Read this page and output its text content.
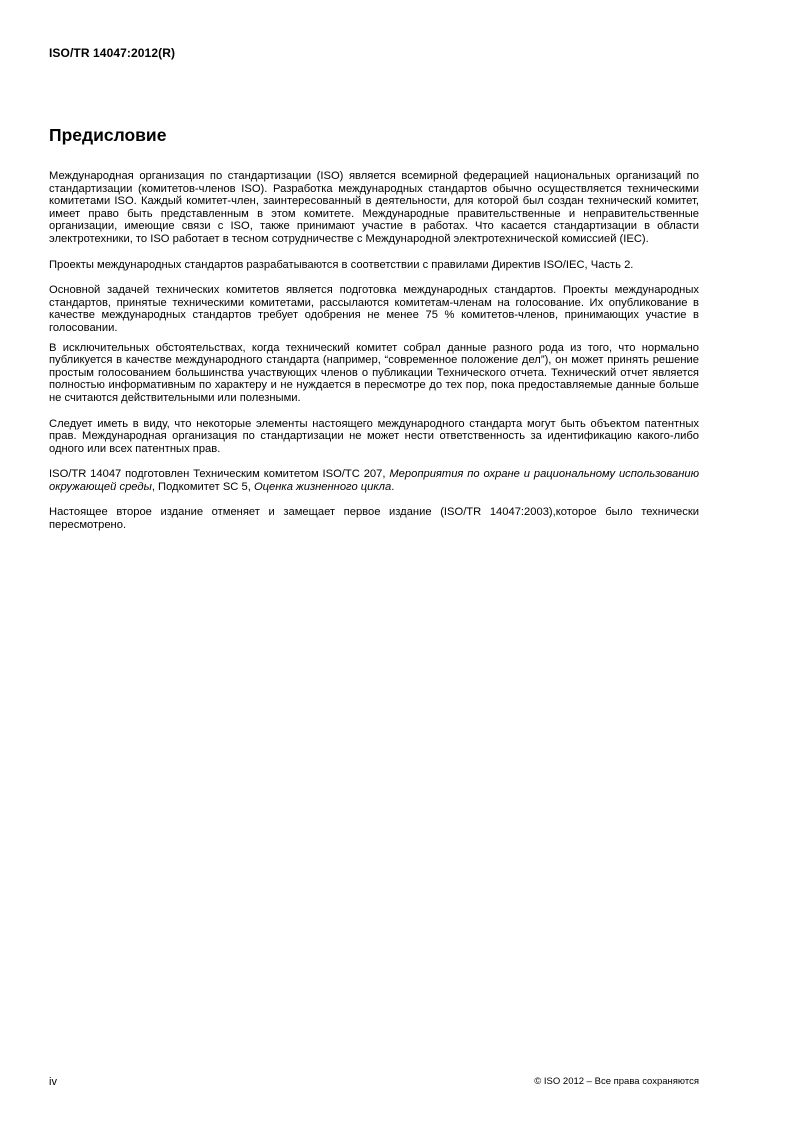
ISO/TR 14047:2012(R)
Предисловие

Международная организация по стандартизации (ISO) является всемирной федерацией национальных организаций по стандартизации (комитетов-членов ISO). Разработка международных стандартов обычно осуществляется техническими комитетами ISO. Каждый комитет-член, заинтересованный в деятельности, для которой был создан технический комитет, имеет право быть представленным в этом комитете. Международные правительственные и неправительственные организации, имеющие связи с ISO, также принимают участие в работах. Что касается стандартизации в области электротехники, то ISO работает в тесном сотрудничестве с Международной электротехнической комиссией (IEC).

Проекты международных стандартов разрабатываются в соответствии с правилами Директив ISO/IEC, Часть 2.

Основной задачей технических комитетов является подготовка международных стандартов. Проекты международных стандартов, принятые техническими комитетами, рассылаются комитетам-членам на голосование. Их опубликование в качестве международных стандартов требует одобрения не менее 75 % комитетов-членов, принимающих участие в голосовании.

В исключительных обстоятельствах, когда технический комитет собрал данные разного рода из того, что нормально публикуется в качестве международного стандарта (например, “современное положение дел”), он может принять решение простым голосованием большинства участвующих членов о публикации Технического отчета. Технический отчет является полностью информативным по характеру и не нуждается в пересмотре до тех пор, пока предоставляемые данные больше не считаются действительными или полезными.

Следует иметь в виду, что некоторые элементы настоящего международного стандарта могут быть объектом патентных прав. Международная организация по стандартизации не может нести ответственность за идентификацию какого-либо одного или всех патентных прав.

ISO/TR 14047 подготовлен Техническим комитетом ISO/TC 207, Мероприятия по охране и рациональному использованию окружающей среды, Подкомитет SC 5, Оценка жизненного цикла.

Настоящее второе издание отменяет и замещает первое издание (ISO/TR 14047:2003),которое было технически пересмотрено.

iv	© ISO 2012 – Все права сохраняются
